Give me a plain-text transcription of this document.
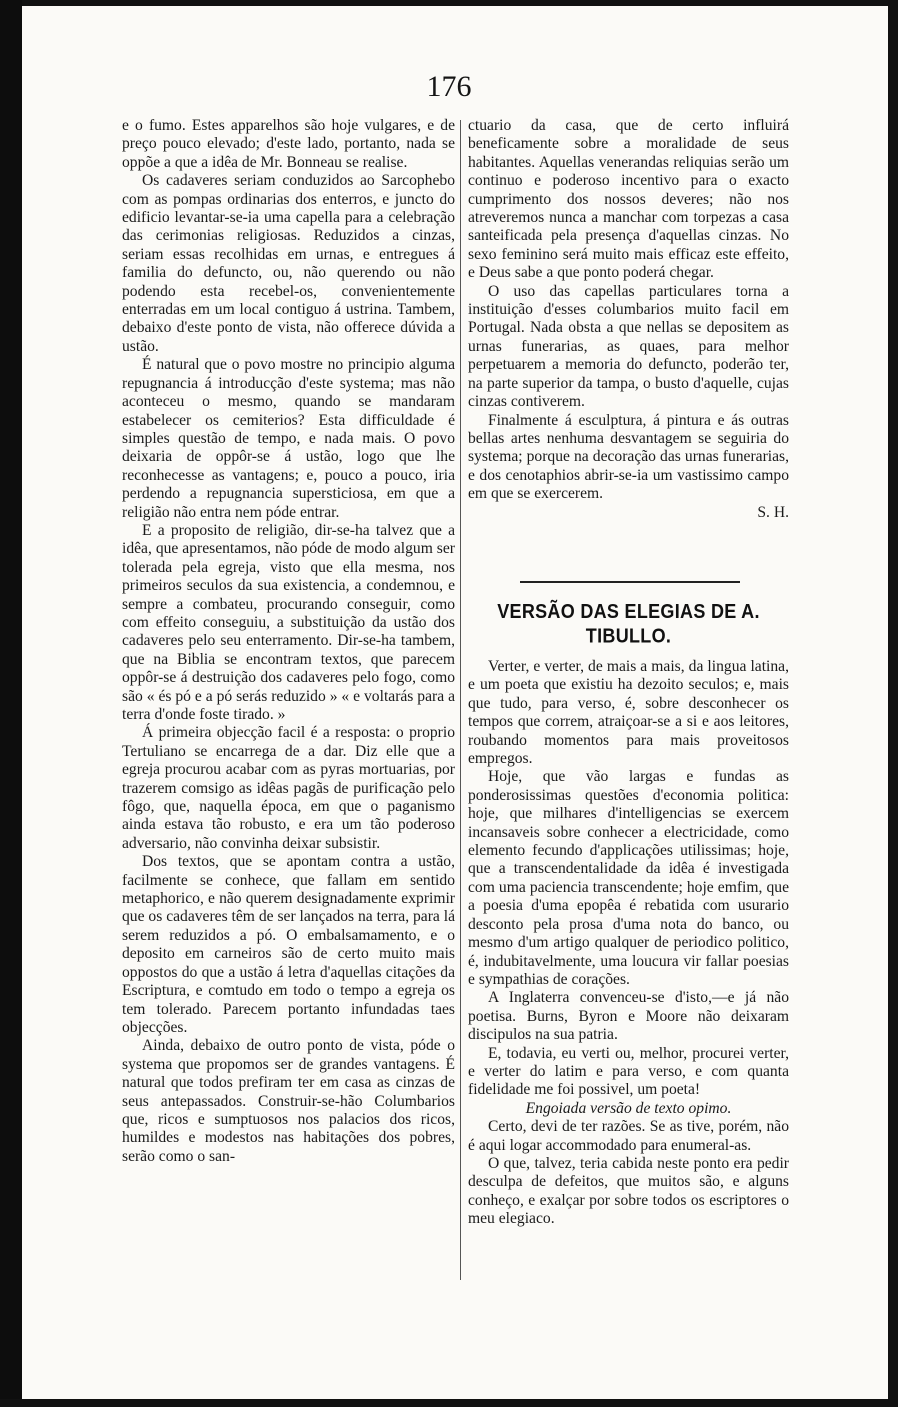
176

e o fumo. Estes apparelhos são hoje vulgares, e de preço pouco elevado; d'este lado, portanto, nada se oppõe a que a idêa de Mr. Bonneau se realise.

Os cadaveres seriam conduzidos ao Sarcophebo com as pompas ordinarias dos enterros, e juncto do edificio levantar-se-ia uma capella para a celebração das cerimonias religiosas. Reduzidos a cinzas, seriam essas recolhidas em urnas, e entregues á familia do defuncto, ou, não querendo ou não podendo esta recebel-os, convenientemente enterradas em um local contiguo á ustrina. Tambem, debaixo d'este ponto de vista, não offerece dúvida a ustão.

É natural que o povo mostre no principio alguma repugnancia á introducção d'este systema; mas não aconteceu o mesmo, quando se mandaram estabelecer os cemiterios? Esta difficuldade é simples questão de tempo, e nada mais. O povo deixaria de oppôr-se á ustão, logo que lhe reconhecesse as vantagens; e, pouco a pouco, iria perdendo a repugnancia supersticiosa, em que a religião não entra nem póde entrar.

E a proposito de religião, dir-se-ha talvez que a idêa, que apresentamos, não póde de modo algum ser tolerada pela egreja, visto que ella mesma, nos primeiros seculos da sua existencia, a condemnou, e sempre a combateu, procurando conseguir, como com effeito conseguiu, a substituição da ustão dos cadaveres pelo seu enterramento. Dir-se-ha tambem, que na Biblia se encontram textos, que parecem oppôr-se á destruição dos cadaveres pelo fogo, como são « és pó e a pó serás reduzido » « e voltarás para a terra d'onde foste tirado. »

Á primeira objecção facil é a resposta: o proprio Tertuliano se encarrega de a dar. Diz elle que a egreja procurou acabar com as pyras mortuarias, por trazerem comsigo as idêas pagãs de purificação pelo fôgo, que, naquella época, em que o paganismo ainda estava tão robusto, e era um tão poderoso adversario, não convinha deixar subsistir.

Dos textos, que se apontam contra a ustão, facilmente se conhece, que fallam em sentido metaphorico, e não querem designadamente exprimir que os cadaveres têm de ser lançados na terra, para lá serem reduzidos a pó. O embalsamamento, e o deposito em carneiros são de certo muito mais oppostos do que a ustão á letra d'aquellas citações da Escriptura, e comtudo em todo o tempo a egreja os tem tolerado. Parecem portanto infundadas taes objecções.

Ainda, debaixo de outro ponto de vista, póde o systema que propomos ser de grandes vantagens. É natural que todos prefiram ter em casa as cinzas de seus antepassados. Construir-se-hão Columbarios que, ricos e sumptuosos nos palacios dos ricos, humildes e modestos nas habitações dos pobres, serão como o san-

ctuario da casa, que de certo influirá beneficamente sobre a moralidade de seus habitantes. Aquellas venerandas reliquias serão um continuo e poderoso incentivo para o exacto cumprimento dos nossos deveres; não nos atreveremos nunca a manchar com torpezas a casa santeificada pela presença d'aquellas cinzas. No sexo feminino será muito mais efficaz este effeito, e Deus sabe a que ponto poderá chegar.

O uso das capellas particulares torna a instituição d'esses columbarios muito facil em Portugal. Nada obsta a que nellas se depositem as urnas funerarias, as quaes, para melhor perpetuarem a memoria do defuncto, poderão ter, na parte superior da tampa, o busto d'aquelle, cujas cinzas contiverem.

Finalmente á esculptura, á pintura e ás outras bellas artes nenhuma desvantagem se seguiria do systema; porque na decoração das urnas funerarias, e dos cenotaphios abrir-se-ia um vastissimo campo em que se exercerem.

S. H.

VERSÃO DAS ELEGIAS DE A. TIBULLO.

Verter, e verter, de mais a mais, da lingua latina, e um poeta que existiu ha dezoito seculos; e, mais que tudo, para verso, é, sobre desconhecer os tempos que correm, atraiçoar-se a si e aos leitores, roubando momentos para mais proveitosos empregos.

Hoje, que vão largas e fundas as ponderosissimas questões d'economia politica: hoje, que milhares d'intelligencias se exercem incansaveis sobre conhecer a electricidade, como elemento fecundo d'applicações utilissimas; hoje, que a transcendentalidade da idêa é investigada com uma paciencia transcendente; hoje emfim, que a poesia d'uma epopêa é rebatida com usurario desconto pela prosa d'uma nota do banco, ou mesmo d'um artigo qualquer de periodico politico, é, indubitavelmente, uma loucura vir fallar poesias e sympathias de corações.

A Inglaterra convenceu-se d'isto,—e já não poetisa. Burns, Byron e Moore não deixaram discipulos na sua patria.

E, todavia, eu verti ou, melhor, procurei verter, e verter do latim e para verso, e com quanta fidelidade me foi possivel, um poeta!

Engoiada versão de texto opimo.

Certo, devi de ter razões. Se as tive, porém, não é aqui logar accommodado para enumeral-as.

O que, talvez, teria cabida neste ponto era pedir desculpa de defeitos, que muitos são, e alguns conheço, e exalçar por sobre todos os escriptores o meu elegiaco.
